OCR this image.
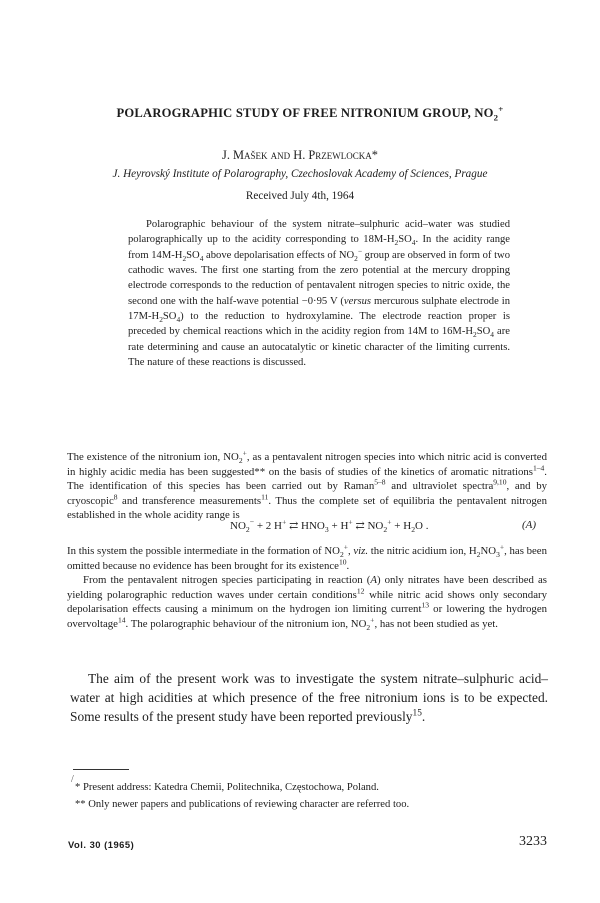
POLAROGRAPHIC STUDY OF FREE NITRONIUM GROUP, $NO_2^+$
J. Mašek and H. Przewlocka*
J. Heyrovský Institute of Polarography, Czechoslovak Academy of Sciences, Prague
Received July 4th, 1964

Polarographic behaviour of the system nitrate–sulphuric acid–water was studied polarographically up to the acidity corresponding to $18M-H_2SO_4$. In the acidity range from $14M-H_2SO_4$ above depolarisation effects of $NO_2^-$ group are observed in form of two cathodic waves. The first one starting from the zero potential at the mercury dropping electrode corresponds to the reduction of pentavalent nitrogen species to nitric oxide, the second one with the half-wave potential −0·95 V (versus mercurous sulphate electrode in $17M-H_2SO_4$) to the reduction to hydroxylamine. The electrode reaction proper is preceded by chemical reactions which in the acidity region from 14M to $16M-H_2SO_4$ are rate determining and cause an autocatalytic or kinetic character of the limiting currents. The nature of these reactions is discussed.

The existence of the nitronium ion, $NO_2^+$, as a pentavalent nitrogen species into which nitric acid is converted in highly acidic media has been suggested** on the basis of studies of the kinetics of aromatic nitrations$^{1-4}$. The identification of this species has been carried out by Raman$^{5-8}$ and ultraviolet spectra$^{9,10}$, and by cryoscopic$^8$ and transference measurements$^{11}$. Thus the complete set of equilibria the pentavalent nitrogen established in the whole acidity range is

$NO_2^- + 2$ H+ ⇄ $HNO_3 + H^+$ ⇄ $NO_2^+ + H_2O$ .	(A)

In this system the possible intermediate in the formation of $NO_2^+$, viz. the nitric acidium ion, $H_2NO_3^+$, has been omitted because no evidence has been brought for its existence$^{10}$.

From the pentavalent nitrogen species participating in reaction (A) only nitrates have been described as yielding polarographic reduction waves under certain conditions$^{12}$ while nitric acid shows only secondary depolarisation effects causing a minimum on the hydrogen ion limiting current$^{13}$ or lowering the hydrogen overvoltage$^{14}$. The polarographic behaviour of the nitronium ion, $NO_2^+$, has not been studied as yet.

The aim of the present work was to investigate the system nitrate–sulphuric acid–water at high acidities at which presence of the free nitronium ions is to be expected. Some results of the present study have been reported previously$^{15}$.

/
* Present address: Katedra Chemii, Politechnika, Częstochowa, Poland.
** Only newer papers and publications of reviewing character are referred too.
Vol. 30 (1965)	3233
